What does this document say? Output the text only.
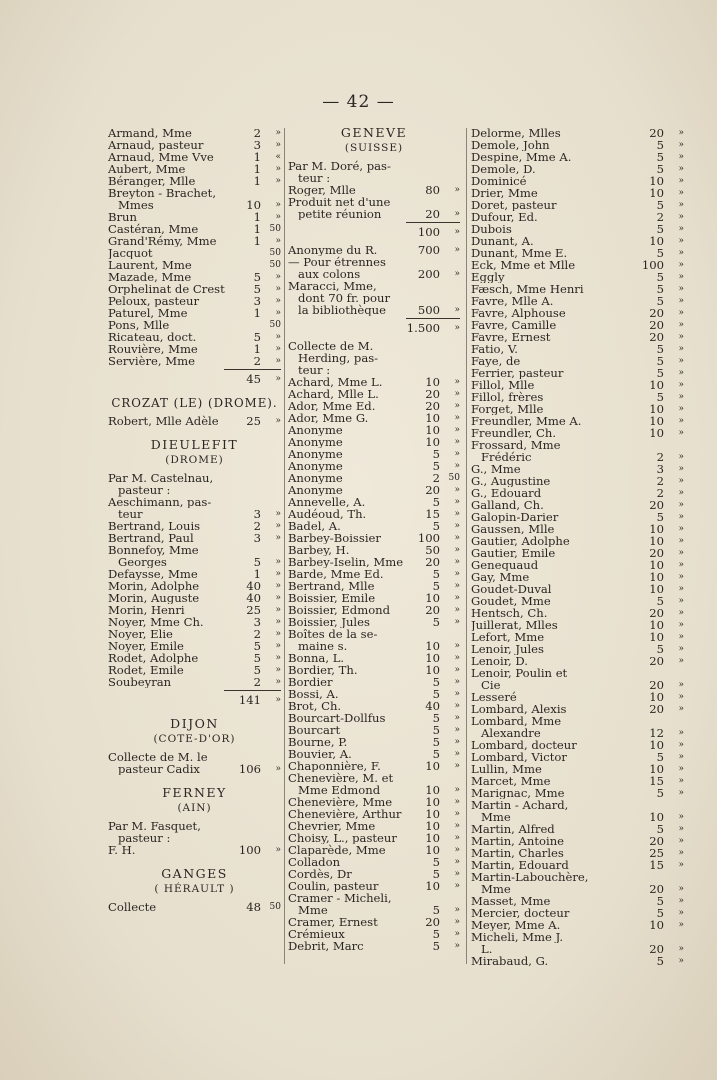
— 42 —
Armand, Mme	2	»
Arnaud, pasteur	3	»
Arnaud, Mme Vve	1	«
Aubert, Mme	1	»
Béranger, Mlle	1	»
Breyton - Brachet,
Mmes	10	»
Brun	1	»
Castéran, Mme	1 50
Grand'Rémy, Mme	1	»
Jacquot	50
Laurent, Mme	50
Mazade, Mme	5	»
Orphelinat de Crest	5	»
Peloux, pasteur	3	»
Paturel, Mme	1	»
Pons, Mlle	50
Ricateau, doct.	5	»
Rouvière, Mme	1	»
Servière, Mme	2	»
45	»
CROZAT (LE) (DROME).
Robert, Mlle Adèle	25	»
DIEULEFIT
(DROME)
Par M. Castelnau,
pasteur :
Aeschimann, pas-
teur	3	»
Bertrand, Louis	2	»
Bertrand, Paul	3	»
Bonnefoy, Mme
Georges	5	»
Defaysse, Mme	1	»
Morin, Adolphe	40	»
Morin, Auguste	40	»
Morin, Henri	25	»
Noyer, Mme Ch.	3	»
Noyer, Elie	2	»
Noyer, Emile	5	»
Rodet, Adolphe	5	»
Rodet, Emile	5	»
Soubeyran	2	»
141	»
DIJON
(COTE-D'OR)
Collecte de M. le
pasteur Cadix	106	»
FERNEY
(AIN)
Par M. Fasquet,
pasteur :
F. H.	100	»
GANGES
( HÉRAULT )
Collecte	48 50
GENEVE
(SUISSE)
Par M. Doré, pas-
teur :
Roger, Mlle	80	»
Produit net d'une
petite réunion	20	»
100	»
Anonyme du R.	700	»
— Pour étrennes
aux colons	200	»
Maracci, Mme,
dont 70 fr. pour
la bibliothèque	500	»
1.500	»
Collecte de M.
Herding, pas-
teur :
Achard, Mme L.	10	»
Achard, Mlle L.	20	»
Ador, Mme Ed.	20	»
Ador, Mme G.	10	»
Anonyme	10	»
Anonyme	10	»
Anonyme	5	»
Anonyme	5	»
Anonyme	2 50
Anonyme	20	»
Annevelle, A.	5	»
Audéoud, Th.	15	»
Badel, A.	5	»
Barbey-Boissier	100	»
Barbey, H.	50	»
Barbey-Iselin, Mme	20	»
Barde, Mme Ed.	5	»
Bertrand, Mlle	5	»
Boissier, Emile	10	»
Boissier, Edmond	20	»
Boissier, Jules	5	»
Boîtes de la se-
maine s.	10	»
Bonna, L.	10	»
Bordier, Th.	10	»
Bordier	5	»
Bossi, A.	5	»
Brot, Ch.	40	»
Bourcart-Dollfus	5	»
Bourcart	5	»
Bourne, P.	5	»
Bouvier, A.	5	»
Chaponnière, F.	10	»
Chenevière, M. et
Mme Edmond	10	»
Chenevière, Mme	10	»
Chenevière, Arthur	10	»
Chevrier, Mme	10	»
Choisy, L., pasteur	10	»
Claparède, Mme	10	»
Colladon	5	»
Cordès, Dr	5	»
Coulin, pasteur	10	»
Cramer - Micheli,
Mme	5	»
Cramer, Ernest	20	»
Crémieux	5	»
Debrit, Marc	5	»
Delorme, Mlles	20	»
Demole, John	5	»
Despine, Mme A.	5	»
Demole, D.	5	»
Dominicé	10	»
Drier, Mme	10	»
Doret, pasteur	5	»
Dufour, Ed.	2	»
Dubois	5	»
Dunant, A.	10	»
Dunant, Mme E.	5	»
Eck, Mme et Mlle	100	»
Eggly	5	»
Fæsch, Mme Henri	5	»
Favre, Mlle A.	5	»
Favre, Alphouse	20	»
Favre, Camille	20	»
Favre, Ernest	20	»
Fatio, V.	5	»
Faye, de	5	»
Ferrier, pasteur	5	»
Fillol, Mlle	10	»
Fillol, frères	5	»
Forget, Mlle	10	»
Freundler, Mme A.	10	»
Freundler, Ch.	10	»
Frossard, Mme
Frédéric	2	»
G., Mme	3	»
G., Augustine	2	»
G., Edouard	2	»
Galland, Ch.	20	»
Galopin-Darier	5	»
Gaussen, Mlle	10	»
Gautier, Adolphe	10	»
Gautier, Emile	20	»
Genequaud	10	»
Gay, Mme	10	»
Goudet-Duval	10	»
Goudet, Mme	5	»
Hentsch, Ch.	20	»
Juillerat, Mlles	10	»
Lefort, Mme	10	»
Lenoir, Jules	5	»
Lenoir, D.	20	»
Lenoir, Poulin et
Cie	20	»
Lesseré	10	»
Lombard, Alexis	20	»
Lombard, Mme
Alexandre	12	»
Lombard, docteur	10	»
Lombard, Victor	5	»
Lullin, Mme	10	»
Marcet, Mme	15	»
Marignac, Mme	5	»
Martin - Achard,
Mme	10	»
Martin, Alfred	5	»
Martin, Antoine	20	»
Martin, Charles	25	»
Martin, Edouard	15	»
Martin-Labouchère,
Mme	20	»
Masset, Mme	5	»
Mercier, docteur	5	»
Meyer, Mme A.	10	»
Micheli, Mme J.
L.	20	»
Mirabaud, G.	5	»
